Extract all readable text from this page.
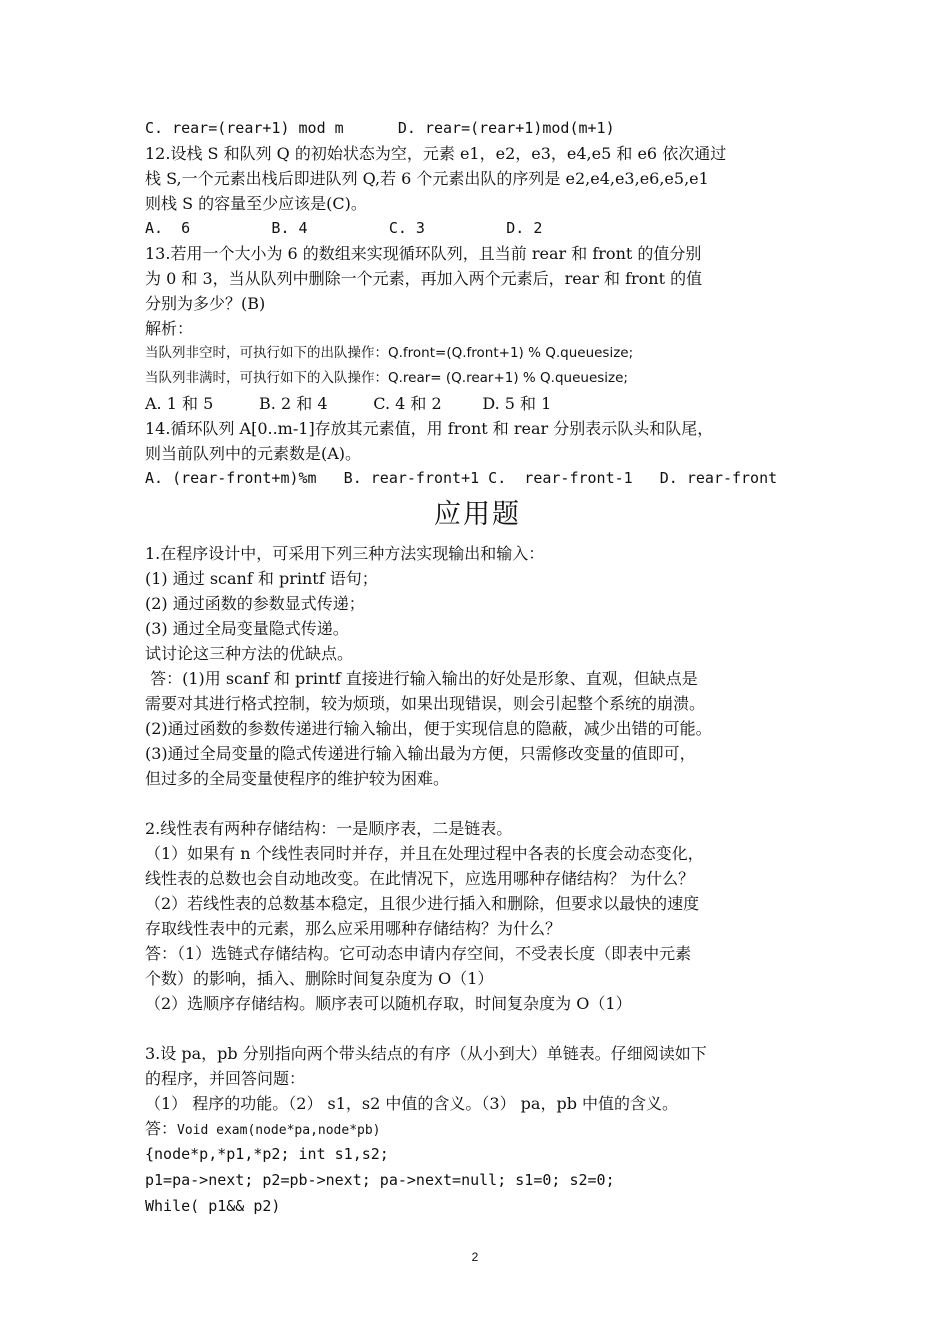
C. rear=(rear+1) mod m      D. rear=(rear+1)mod(m+1)
12.设栈 S 和队列 Q 的初始状态为空，元素 e1，e2，e3，e4,e5 和 e6 依次通过
栈 S,一个元素出栈后即进队列 Q,若 6 个元素出队的序列是 e2,e4,e3,e6,e5,e1
则栈 S 的容量至少应该是(C)。
A.  6         B. 4         C. 3         D. 2
13.若用一个大小为 6 的数组来实现循环队列，且当前 rear 和 front 的值分别
为 0 和 3，当从队列中删除一个元素，再加入两个元素后，rear 和 front 的值
分别为多少？(B)
解析：
当队列非空时，可执行如下的出队操作：Q.front=(Q.front+1) % Q.queuesize;
当队列非满时，可执行如下的入队操作：Q.rear= (Q.rear+1) % Q.queuesize;
A. 1 和 5         B. 2 和 4         C. 4 和 2        D. 5 和 1
14.循环队列 A[0..m-1]存放其元素值，用 front 和 rear 分别表示队头和队尾，
则当前队列中的元素数是(A)。
A. (rear-front+m)%m   B. rear-front+1 C.  rear-front-1   D. rear-front
应用题
1.在程序设计中，可采用下列三种方法实现输出和输入：
(1) 通过 scanf 和 printf 语句；
(2) 通过函数的参数显式传递；
(3) 通过全局变量隐式传递。
试讨论这三种方法的优缺点。
答：(1)用 scanf 和 printf 直接进行输入输出的好处是形象、直观，但缺点是
需要对其进行格式控制，较为烦琐，如果出现错误，则会引起整个系统的崩溃。
(2)通过函数的参数传递进行输入输出，便于实现信息的隐蔽，减少出错的可能。
(3)通过全局变量的隐式传递进行输入输出最为方便，只需修改变量的值即可，
但过多的全局变量使程序的维护较为困难。
2.线性表有两种存储结构：一是顺序表，二是链表。
（1）如果有 n 个线性表同时并存，并且在处理过程中各表的长度会动态变化，
线性表的总数也会自动地改变。在此情况下，应选用哪种存储结构？ 为什么？
（2）若线性表的总数基本稳定，且很少进行插入和删除，但要求以最快的速度
存取线性表中的元素，那么应采用哪种存储结构？为什么？
答：（1）选链式存储结构。它可动态申请内存空间，不受表长度（即表中元素
个数）的影响，插入、删除时间复杂度为 O（1）
（2）选顺序存储结构。顺序表可以随机存取，时间复杂度为 O（1）
3.设 pa，pb 分别指向两个带头结点的有序（从小到大）单链表。仔细阅读如下
的程序，并回答问题：
（1） 程序的功能。（2） s1，s2 中值的含义。（3） pa，pb 中值的含义。
答：Void exam(node*pa,node*pb)
{node*p,*p1,*p2; int s1,s2;
p1=pa->next; p2=pb->next; pa->next=null; s1=0; s2=0;
While( p1&& p2)
2
